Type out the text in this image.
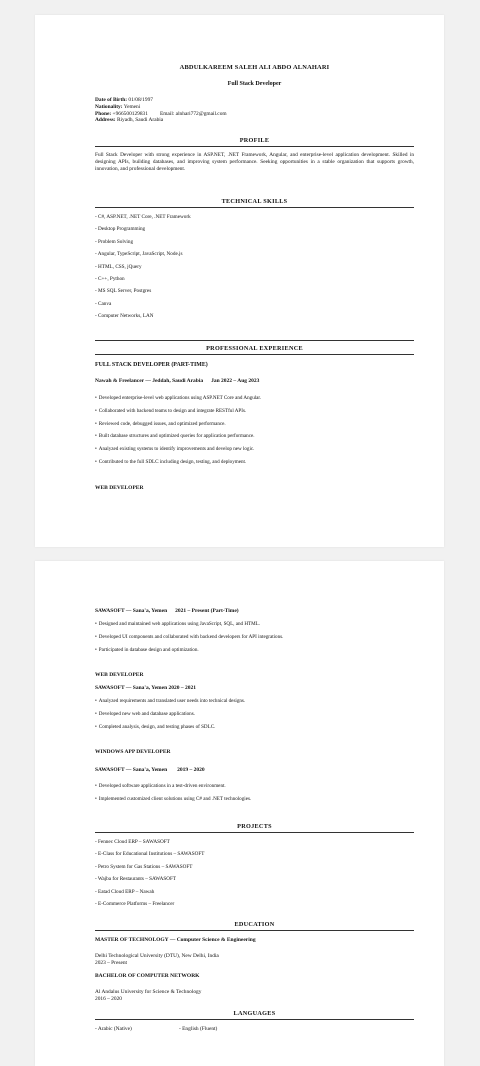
ABDULKAREEM SALEH ALI ABDO ALNAHARI
Full Stack Developer
Date of Birth: 01/08/1997
Nationality: Yemeni
Phone: +966500129831 Email: alnhari772@gmail.com
Address: Riyadh, Saudi Arabia
PROFILE
Full Stack Developer with strong experience in ASP.NET, .NET Framework, Angular, and enterprise-level application development. Skilled in designing APIs, building databases, and improving system performance. Seeking opportunities in a stable organization that supports growth, innovation, and professional development.
TECHNICAL SKILLS
- C#, ASP.NET, .NET Core, .NET Framework
- Desktop Programming
- Problem Solving
- Angular, TypeScript, JavaScript, Node.js
- HTML, CSS, jQuery
- C++, Python
- MS SQL Server, Postgres
- Canva
- Computer Networks, LAN
PROFESSIONAL EXPERIENCE
FULL STACK DEVELOPER (PART-TIME)
Nawah & Freelancer — Jeddah, Saudi Arabia Jan 2022 – Aug 2023
• Developed enterprise-level web applications using ASP.NET Core and Angular.
• Collaborated with backend teams to design and integrate RESTful APIs.
• Reviewed code, debugged issues, and optimized performance.
• Built database structures and optimized queries for application performance.
• Analyzed existing systems to identify improvements and develop new logic.
• Contributed to the full SDLC including design, testing, and deployment.
WEB DEVELOPER
SAWASOFT — Sana'a, Yemen 2021 – Present (Part-Time)
• Designed and maintained web applications using JavaScript, SQL, and HTML.
• Developed UI components and collaborated with backend developers for API integrations.
• Participated in database design and optimization.
WEB DEVELOPER
SAWASOFT — Sana'a, Yemen 2020 – 2021
• Analyzed requirements and translated user needs into technical designs.
• Developed new web and database applications.
• Completed analysis, design, and testing phases of SDLC.
WINDOWS APP DEVELOPER
SAWASOFT — Sana'a, Yemen 2019 – 2020
• Developed software applications in a test-driven environment.
• Implemented customized client solutions using C# and .NET technologies.
PROJECTS
- Fennec Cloud ERP – SAWASOFT
- E-Class for Educational Institutions – SAWASOFT
- Petro System for Gas Stations – SAWASOFT
- Wajba for Restaurants – SAWASOFT
- Eatad Cloud ERP – Nawah
- E-Commerce Platforms – Freelancer
EDUCATION
MASTER OF TECHNOLOGY — Computer Science & Engineering
Delhi Technological University (DTU), New Delhi, India
2023 – Present
BACHELOR OF COMPUTER NETWORK
Al Andalus University for Science & Technology
2016 – 2020
LANGUAGES
- Arabic (Native)	- English (Fluent)
